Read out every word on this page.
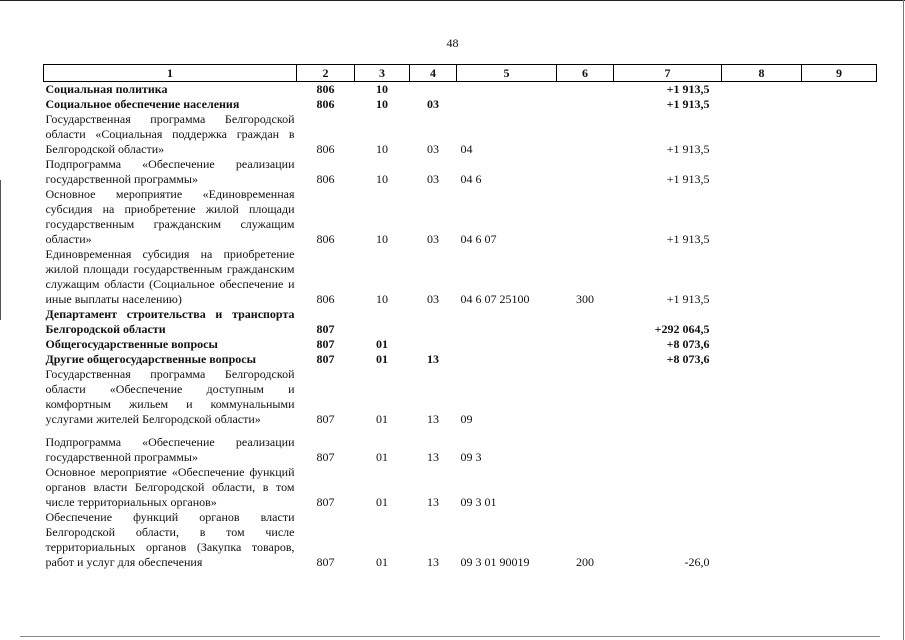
48
1	2	3	4	5	6	7	8	9
Социальная политика	806	10				+1 913,5		
Социальное обеспечение населения	806	10	03			+1 913,5		
Государственная программа Белгородской области «Социальная поддержка граждан в Белгородской области»	806	10	03	04		+1 913,5		
Подпрограмма «Обеспечение реализации государственной программы»	806	10	03	04 6		+1 913,5		
Основное мероприятие «Единовременная субсидия на приобретение жилой площади государственным гражданским служащим области»	806	10	03	04 6 07		+1 913,5		
Единовременная субсидия на приобретение жилой площади государственным гражданским служащим области (Социальное обеспечение и иные выплаты населению)	806	10	03	04 6 07 25100	300	+1 913,5		
Департамент строительства и транспорта Белгородской области	807					+292 064,5		
Общегосударственные вопросы	807	01				+8 073,6		
Другие общегосударственные вопросы	807	01	13			+8 073,6		
Государственная программа Белгородской области «Обеспечение доступным и комфортным жильем и коммунальными услугами жителей Белгородской области»	807	01	13	09				
Подпрограмма «Обеспечение реализации государственной программы»	807	01	13	09 3				
Основное мероприятие «Обеспечение функций органов власти Белгородской области, в том числе территориальных органов»	807	01	13	09 3 01				
Обеспечение функций органов власти Белгородской области, в том числе территориальных органов (Закупка товаров, работ и услуг для обеспечения	807	01	13	09 3 01 90019	200	-26,0		
